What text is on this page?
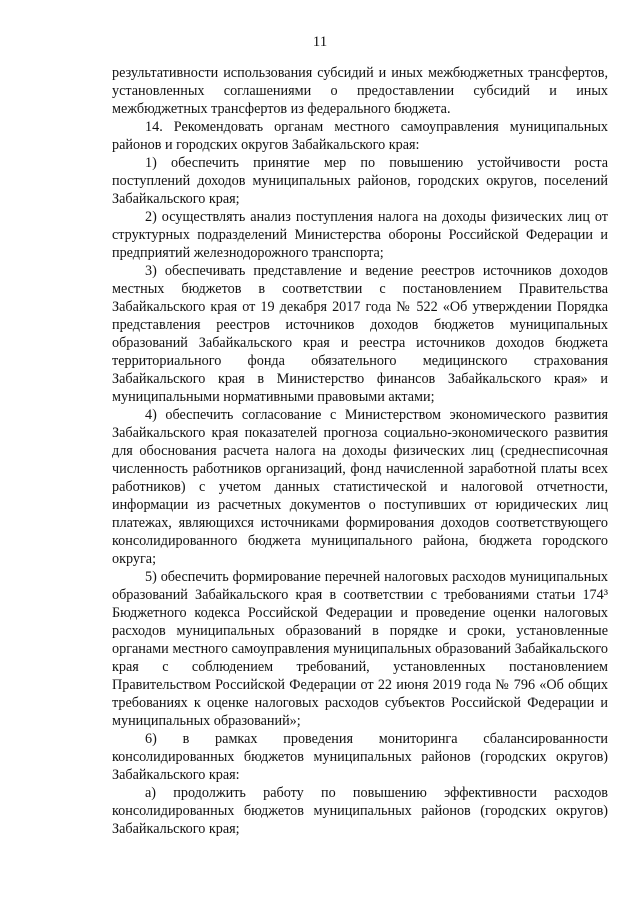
11

результативности использования субсидий и иных межбюджетных трансфертов, установленных соглашениями о предоставлении субсидий и иных межбюджетных трансфертов из федерального бюджета.

14. Рекомендовать органам местного самоуправления муниципальных районов и городских округов Забайкальского края:

1) обеспечить принятие мер по повышению устойчивости роста поступлений доходов муниципальных районов, городских округов, поселений Забайкальского края;

2) осуществлять анализ поступления налога на доходы физических лиц от структурных подразделений Министерства обороны Российской Федерации и предприятий железнодорожного транспорта;

3) обеспечивать представление и ведение реестров источников доходов местных бюджетов в соответствии с постановлением Правительства Забайкальского края от 19 декабря 2017 года № 522 «Об утверждении Порядка представления реестров источников доходов бюджетов муниципальных образований Забайкальского края и реестра источников доходов бюджета территориального фонда обязательного медицинского страхования Забайкальского края в Министерство финансов Забайкальского края» и муниципальными нормативными правовыми актами;

4) обеспечить согласование с Министерством экономического развития Забайкальского края показателей прогноза социально-экономического развития для обоснования расчета налога на доходы физических лиц (среднесписочная численность работников организаций, фонд начисленной заработной платы всех работников) с учетом данных статистической и налоговой отчетности, информации из расчетных документов о поступивших от юридических лиц платежах, являющихся источниками формирования доходов соответствующего консолидированного бюджета муниципального района, бюджета городского округа;

5) обеспечить формирование перечней налоговых расходов муниципальных образований Забайкальского края в соответствии с требованиями статьи 174³ Бюджетного кодекса Российской Федерации и проведение оценки налоговых расходов муниципальных образований в порядке и сроки, установленные органами местного самоуправления муниципальных образований Забайкальского края с соблюдением требований, установленных постановлением Правительством Российской Федерации от 22 июня 2019 года № 796 «Об общих требованиях к оценке налоговых расходов субъектов Российской Федерации и муниципальных образований»;

6) в рамках проведения мониторинга сбалансированности консолидированных бюджетов муниципальных районов (городских округов) Забайкальского края:

а) продолжить работу по повышению эффективности расходов консолидированных бюджетов муниципальных районов (городских округов) Забайкальского края;
